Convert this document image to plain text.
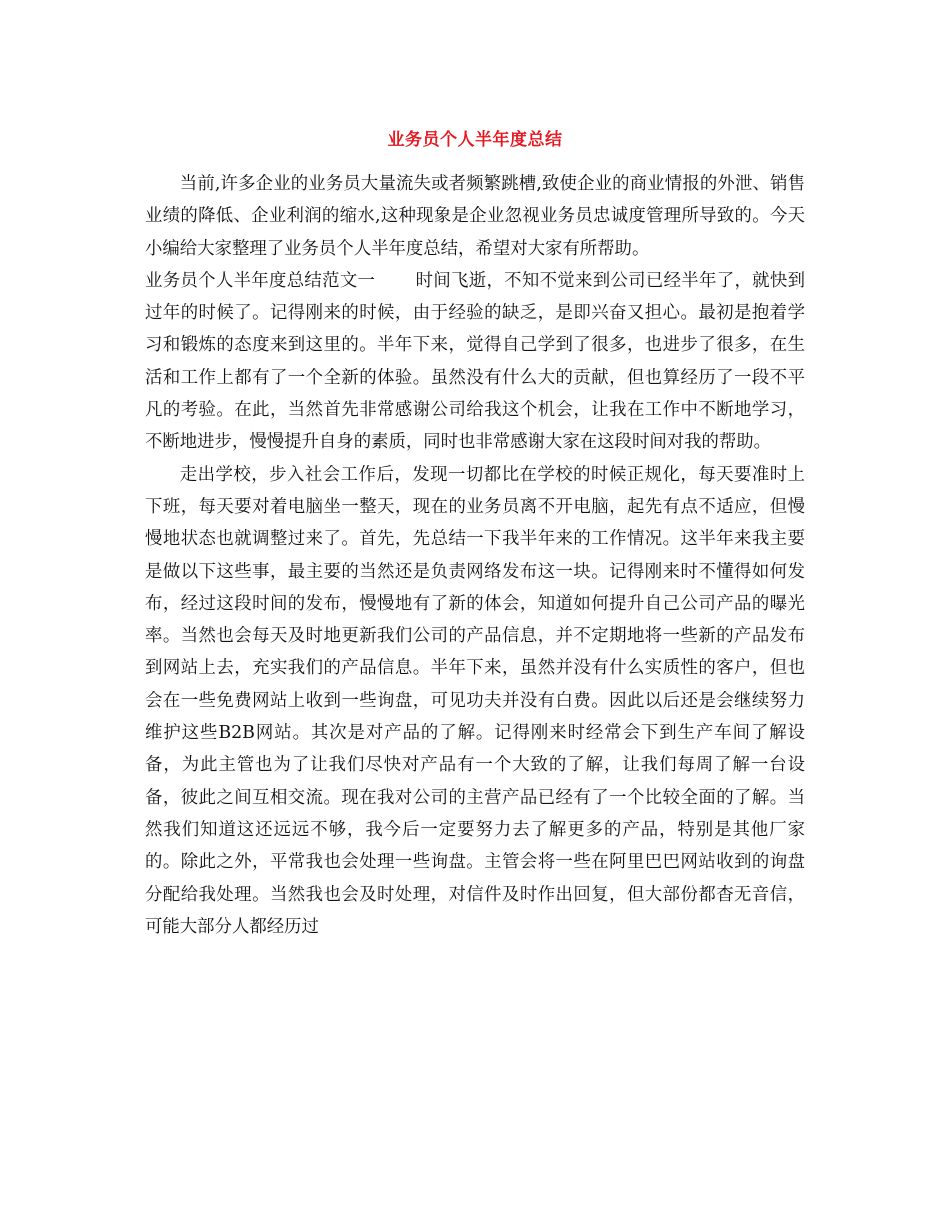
业务员个人半年度总结

当前,许多企业的业务员大量流失或者频繁跳槽,致使企业的商业情报的外泄、销售业绩的降低、企业利润的缩水,这种现象是企业忽视业务员忠诚度管理所导致的。今天小编给大家整理了业务员个人半年度总结，希望对大家有所帮助。

业务员个人半年度总结范文一 时间飞逝，不知不觉来到公司已经半年了，就快到过年的时候了。记得刚来的时候，由于经验的缺乏，是即兴奋又担心。最初是抱着学习和锻炼的态度来到这里的。半年下来，觉得自己学到了很多，也进步了很多，在生活和工作上都有了一个全新的体验。虽然没有什么大的贡献，但也算经历了一段不平凡的考验。在此，当然首先非常感谢公司给我这个机会，让我在工作中不断地学习，不断地进步，慢慢提升自身的素质，同时也非常感谢大家在这段时间对我的帮助。

走出学校，步入社会工作后，发现一切都比在学校的时候正规化，每天要准时上下班，每天要对着电脑坐一整天，现在的业务员离不开电脑，起先有点不适应，但慢慢地状态也就调整过来了。首先，先总结一下我半年来的工作情况。这半年来我主要是做以下这些事，最主要的当然还是负责网络发布这一块。记得刚来时不懂得如何发布，经过这段时间的发布，慢慢地有了新的体会，知道如何提升自己公司产品的曝光率。当然也会每天及时地更新我们公司的产品信息，并不定期地将一些新的产品发布到网站上去，充实我们的产品信息。半年下来，虽然并没有什么实质性的客户，但也会在一些免费网站上收到一些询盘，可见功夫并没有白费。因此以后还是会继续努力维护这些B2B网站。其次是对产品的了解。记得刚来时经常会下到生产车间了解设备，为此主管也为了让我们尽快对产品有一个大致的了解，让我们每周了解一台设备，彼此之间互相交流。现在我对公司的主营产品已经有了一个比较全面的了解。当然我们知道这还远远不够，我今后一定要努力去了解更多的产品，特别是其他厂家的。除此之外，平常我也会处理一些询盘。主管会将一些在阿里巴巴网站收到的询盘分配给我处理。当然我也会及时处理，对信件及时作出回复，但大部份都杳无音信，可能大部分人都经历过
